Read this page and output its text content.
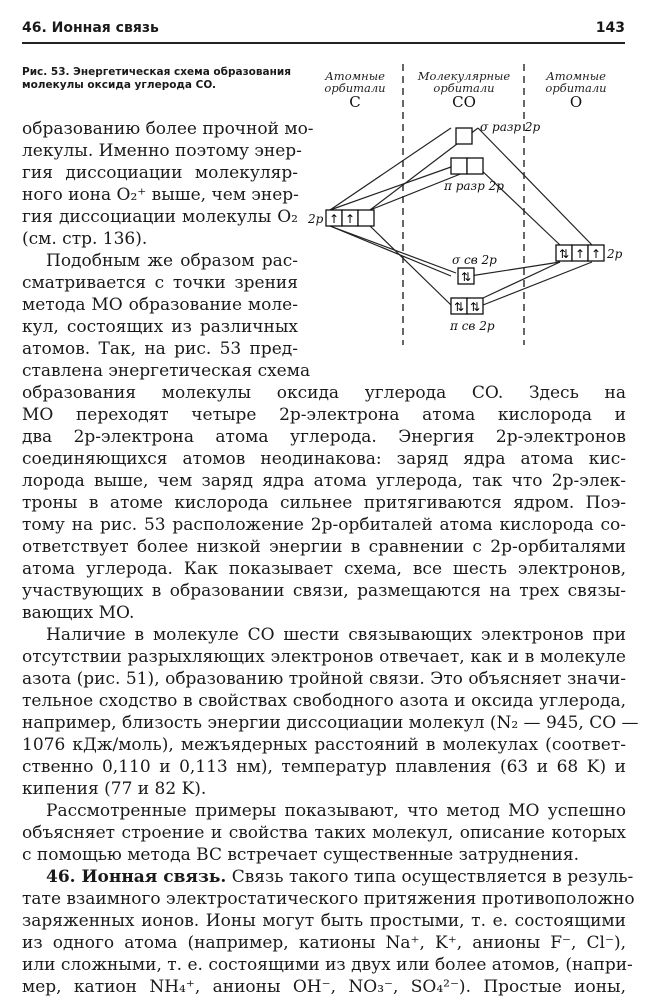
46. Ионная связь	143
Рис. 53. Энергетическая схема образования
молекулы оксида углерода CO.
Атомные
орбитали
Молекулярные
орбитали
Атомные
орбитали
C	CO	O
↑ ↑
⇅ ↑ ↑
⇅
⇅ ⇅
σ разр 2p
π разр 2p
2p
2p
σ св 2p
π св 2p
образованию более прочной мо-
лекулы. Именно поэтому энер-
гия диссоциации молекуляр-
ного иона O₂⁺ выше, чем энер-
гия диссоциации молекулы O₂
(см. стр. 136).
Подобным же образом рас-
сматривается с точки зрения
метода MO образование моле-
кул, состоящих из различных
атомов. Так, на рис. 53 пред-
ставлена энергетическая схема
образования молекулы оксида углерода CO. Здесь на
MO переходят четыре 2p-электрона атома кислорода и
два 2p-электрона атома углерода. Энергия 2p-электронов
соединяющихся атомов неодинакова: заряд ядра атома кис-
лорода выше, чем заряд ядра атома углерода, так что 2p-элек-
троны в атоме кислорода сильнее притягиваются ядром. Поэ-
тому на рис. 53 расположение 2p-орбиталей атома кислорода со-
ответствует более низкой энергии в сравнении с 2p-орбиталями
атома углерода. Как показывает схема, все шесть электронов,
участвующих в образовании связи, размещаются на трех связы-
вающих MO.
Наличие в молекуле CO шести связывающих электронов при
отсутствии разрыхляющих электронов отвечает, как и в молекуле
азота (рис. 51), образованию тройной связи. Это объясняет значи-
тельное сходство в свойствах свободного азота и оксида углерода,
например, близость энергии диссоциации молекул (N₂ — 945, CO —
1076 кДж/моль), межъядерных расстояний в молекулах (соответ-
ственно 0,110 и 0,113 нм), температур плавления (63 и 68 K) и
кипения (77 и 82 K).
Рассмотренные примеры показывают, что метод MO успешно
объясняет строение и свойства таких молекул, описание которых
с помощью метода BC встречает существенные затруднения.
46. Ионная связь. Связь такого типа осуществляется в резуль-
тате взаимного электростатического притяжения противоположно
заряженных ионов. Ионы могут быть простыми, т. е. состоящими
из одного атома (например, катионы Na⁺, K⁺, анионы F⁻, Cl⁻),
или сложными, т. е. состоящими из двух или более атомов, (напри-
мер, катион NH₄⁺, анионы OH⁻, NO₃⁻, SO₄²⁻). Простые ионы,
